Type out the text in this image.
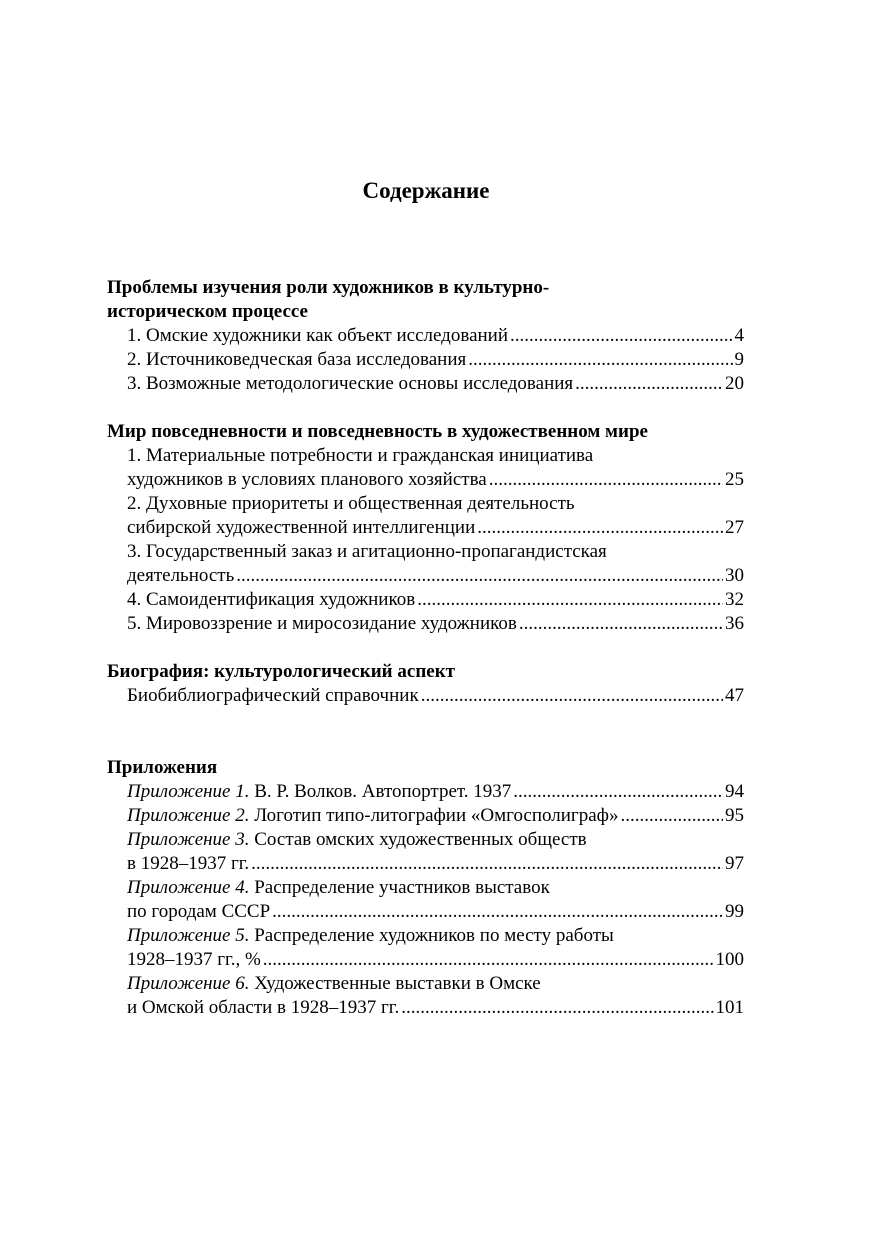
Содержание
Проблемы изучения роли художников в культурно-
историческом процессе
1. Омские художники как объект исследований .....	4
2. Источниковедческая база исследования .....	9
3. Возможные методологические основы исследования .....	20
Мир повседневности и повседневность в художественном мире
1. Материальные потребности и гражданская инициатива
художников в условиях планового хозяйства .....	25
2. Духовные приоритеты и общественная деятельность
сибирской художественной интеллигенции .....	27
3. Государственный заказ и агитационно-пропагандистская
деятельность .....	30
4. Самоидентификация художников .....	32
5. Мировоззрение и миросозидание художников .....	36
Биография: культурологический аспект
Биобиблиографический справочник .....	47
Приложения
Приложение 1. В. Р. Волков. Автопортрет. 1937 .....	94
Приложение 2. Логотип типо-литографии «Омгосполиграф» .....	95
Приложение 3. Состав омских художественных обществ
в 1928–1937 гг. .....	97
Приложение 4. Распределение участников выставок
по городам СССР .....	99
Приложение 5. Распределение художников по месту работы
1928–1937 гг., % .....	100
Приложение 6. Художественные выставки в Омске
и Омской области в 1928–1937 гг. .....	101
